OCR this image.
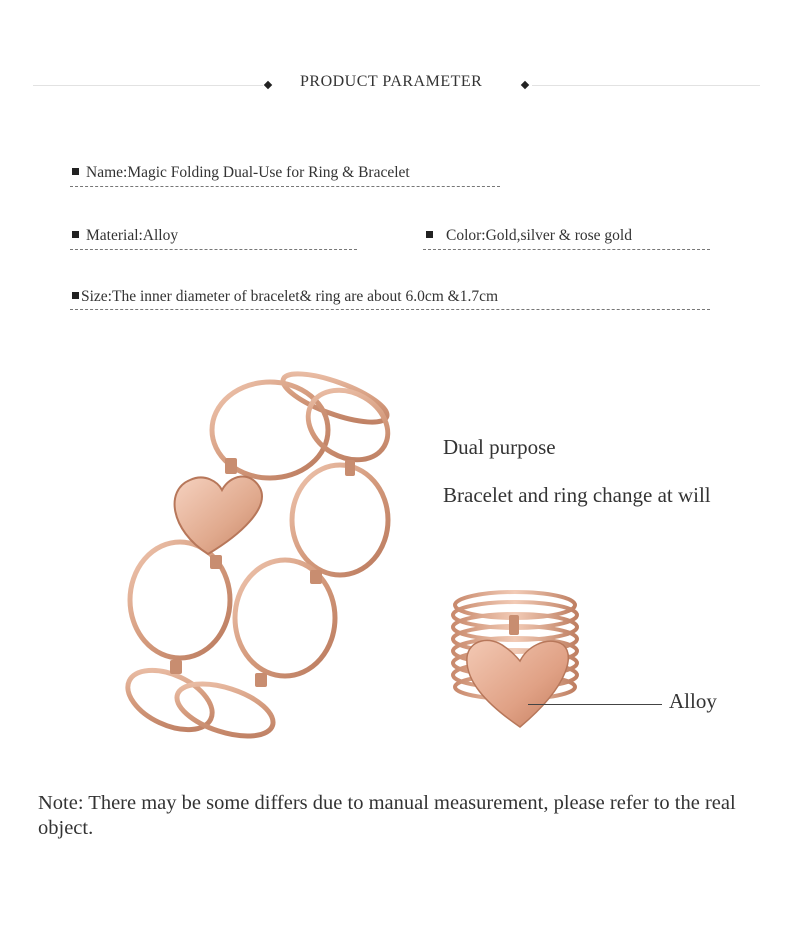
PRODUCT PARAMETER
Name:Magic Folding Dual-Use for Ring & Bracelet
Material:Alloy	Color:Gold,silver & rose gold
Size:The inner diameter of bracelet& ring are about 6.0cm &1.7cm
Dual purpose
Bracelet and ring change at will
Alloy
Note: There may be some differs due to manual measurement, please refer to the real object.
